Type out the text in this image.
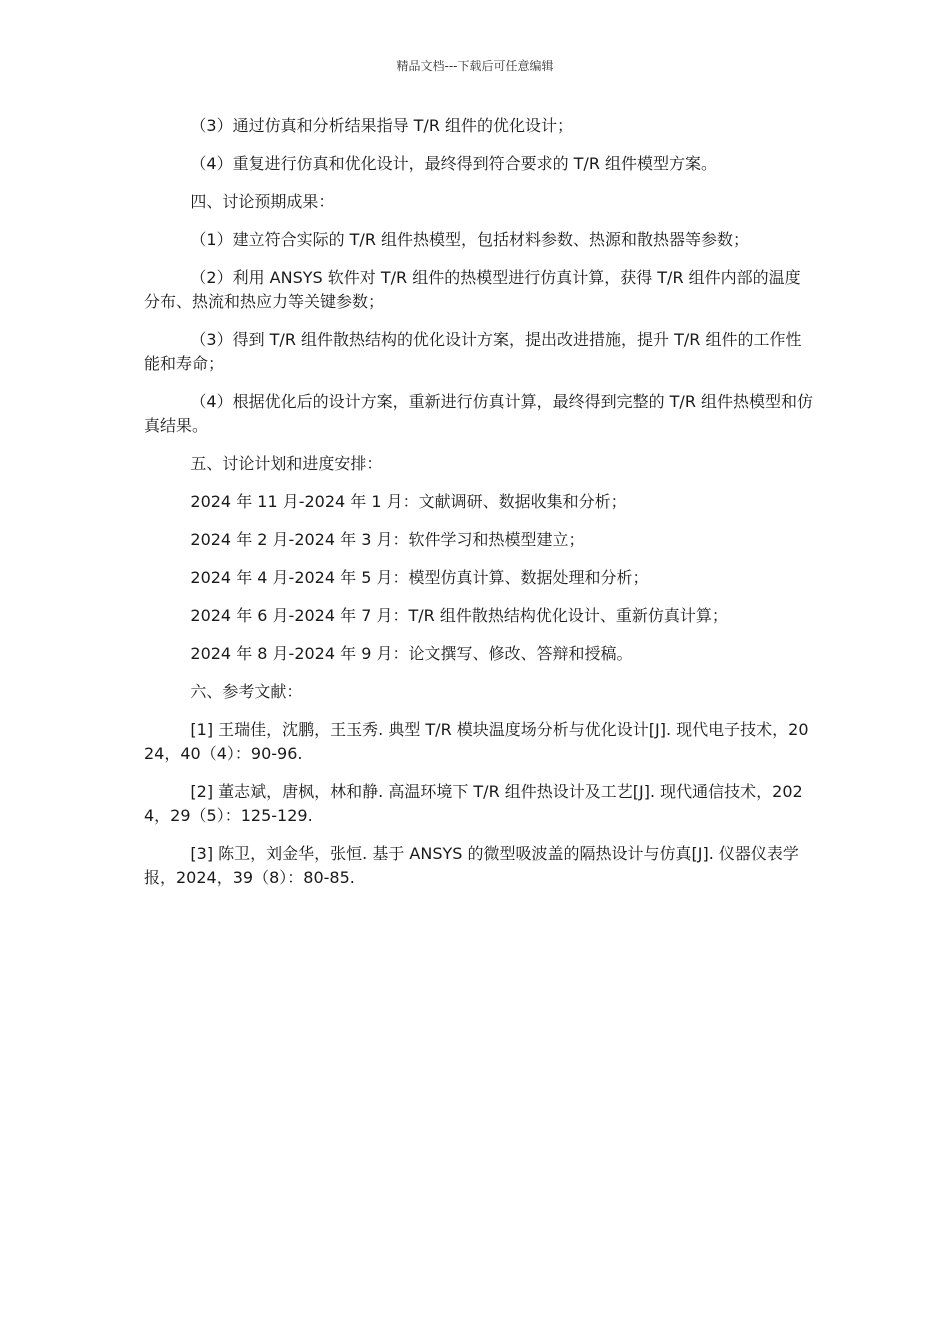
精品文档---下载后可任意编辑

（3）通过仿真和分析结果指导 T/R 组件的优化设计；

（4）重复进行仿真和优化设计，最终得到符合要求的 T/R 组件模型方案。

四、讨论预期成果：

（1）建立符合实际的 T/R 组件热模型，包括材料参数、热源和散热器等参数；

（2）利用 ANSYS 软件对 T/R 组件的热模型进行仿真计算，获得 T/R 组件内部的温度分布、热流和热应力等关键参数；

（3）得到 T/R 组件散热结构的优化设计方案，提出改进措施，提升 T/R 组件的工作性能和寿命；

（4）根据优化后的设计方案，重新进行仿真计算，最终得到完整的 T/R 组件热模型和仿真结果。

五、讨论计划和进度安排：

2024 年 11 月-2024 年 1 月：文献调研、数据收集和分析；

2024 年 2 月-2024 年 3 月：软件学习和热模型建立；

2024 年 4 月-2024 年 5 月：模型仿真计算、数据处理和分析；

2024 年 6 月-2024 年 7 月：T/R 组件散热结构优化设计、重新仿真计算；

2024 年 8 月-2024 年 9 月：论文撰写、修改、答辩和授稿。

六、参考文献：

[1] 王瑞佳，沈鹏，王玉秀. 典型 T/R 模块温度场分析与优化设计[J]. 现代电子技术，2024，40（4）：90-96.

[2] 董志斌，唐枫，林和静. 高温环境下 T/R 组件热设计及工艺[J]. 现代通信技术，2024，29（5）：125-129.

[3] 陈卫，刘金华，张恒. 基于 ANSYS 的微型吸波盖的隔热设计与仿真[J]. 仪器仪表学报，2024，39（8）：80-85.
